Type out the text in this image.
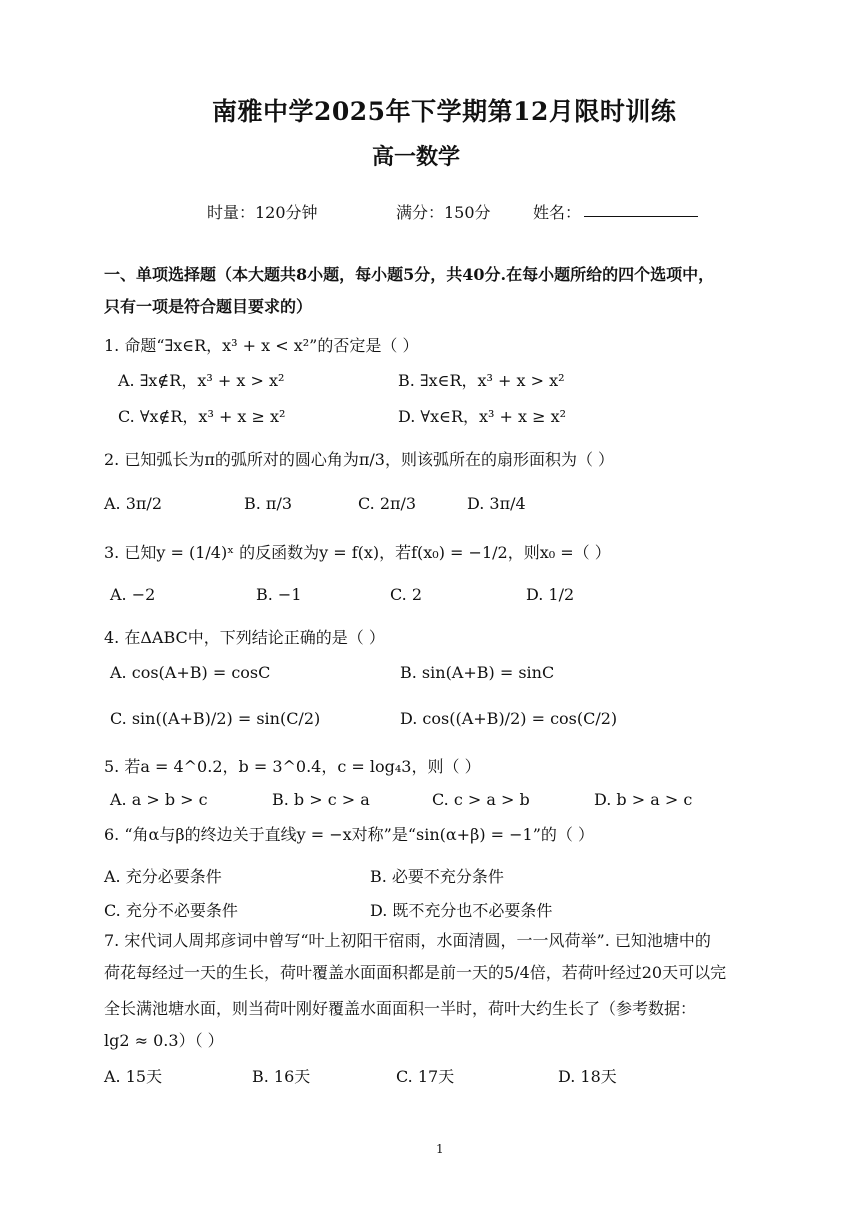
南雅中学2025年下学期第12月限时训练
高一数学
时量：120分钟	满分：150分	姓名：
一、单项选择题（本大题共8小题，每小题5分，共40分.在每小题所给的四个选项中，
只有一项是符合题目要求的）
1. 命题“∃x∈R，x³ + x < x²”的否定是（ ）
A. ∃x∉R，x³ + x > x²	B. ∃x∈R，x³ + x > x²
C. ∀x∉R，x³ + x ≥ x²	D. ∀x∈R，x³ + x ≥ x²
2. 已知弧长为π的弧所对的圆心角为π/3，则该弧所在的扇形面积为（ ）
A. 3π/2	B. π/3	C. 2π/3	D. 3π/4
3. 已知y = (1/4)ˣ 的反函数为y = f(x)，若f(x₀) = −1/2，则x₀ =（ ）
A. −2	B. −1	C. 2	D. 1/2
4. 在ΔABC中，下列结论正确的是（ ）
A. cos(A+B) = cosC	B. sin(A+B) = sinC
C. sin((A+B)/2) = sin(C/2)	D. cos((A+B)/2) = cos(C/2)
5. 若a = 4^0.2，b = 3^0.4，c = log₄3，则（ ）
A. a > b > c	B. b > c > a	C. c > a > b	D. b > a > c
6. “角α与β的终边关于直线y = −x对称”是“sin(α+β) = −1”的（ ）
A. 充分必要条件	B. 必要不充分条件
C. 充分不必要条件	D. 既不充分也不必要条件
7. 宋代词人周邦彦词中曾写“叶上初阳干宿雨，水面清圆，一一风荷举”. 已知池塘中的
荷花每经过一天的生长，荷叶覆盖水面面积都是前一天的5/4倍，若荷叶经过20天可以完
全长满池塘水面，则当荷叶刚好覆盖水面面积一半时，荷叶大约生长了（参考数据：
lg2 ≈ 0.3）（ ）
A. 15天	B. 16天	C. 17天	D. 18天
1
